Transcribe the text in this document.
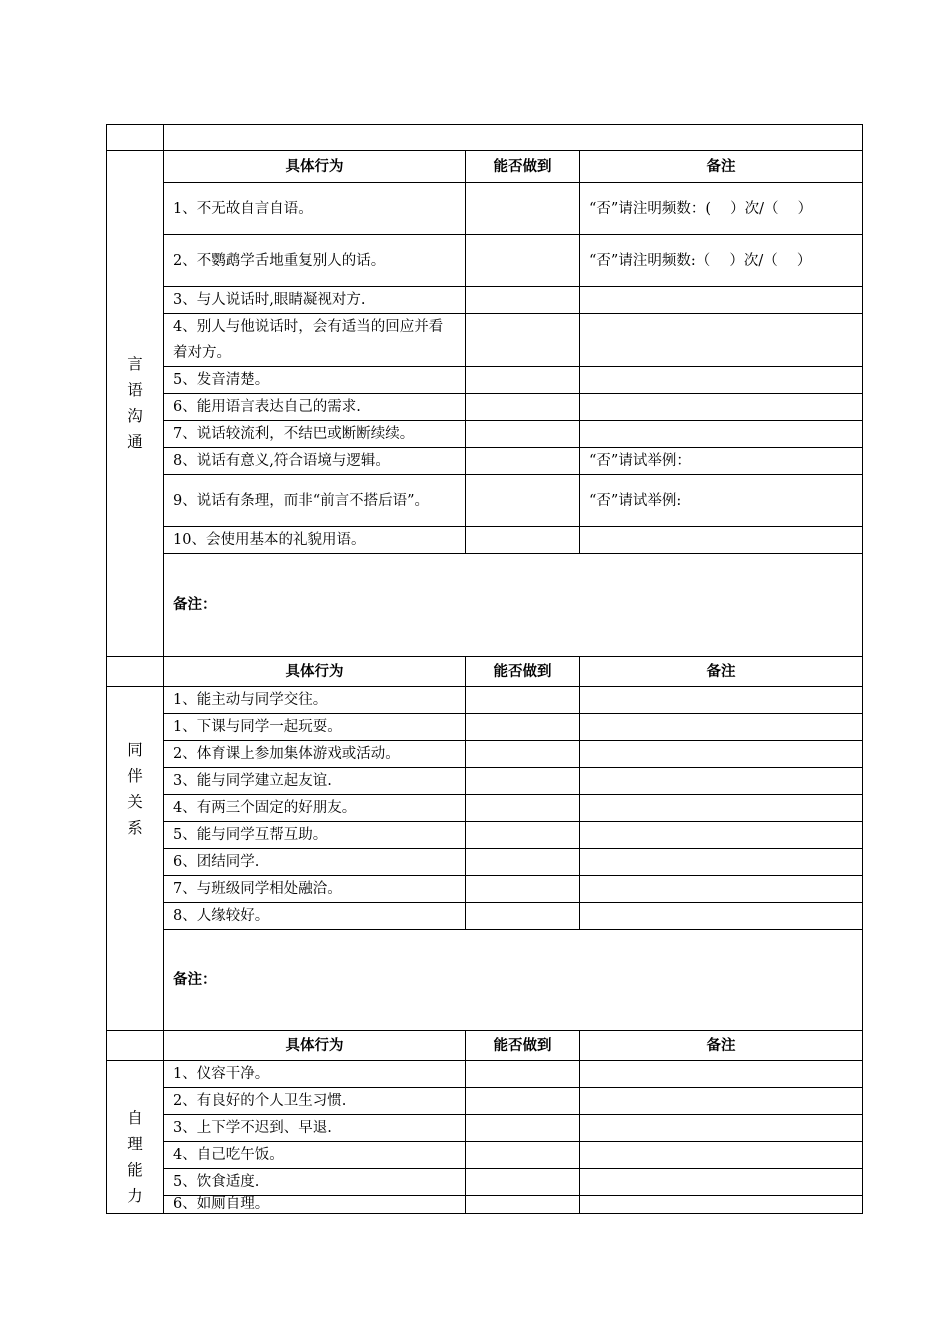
言
语
沟
通	具体行为	能否做到	备注
	1、不无故自言自语。		“否”请注明频数：(　 ）次/（　 ）
	2、不鹦鹉学舌地重复别人的话。		“否”请注明频数:（　 ）次/（　 ）
	3、与人说话时,眼睛凝视对方.		
	4、别人与他说话时，会有适当的回应并看着对方。		
	5、发音清楚。		
	6、能用语言表达自己的需求.		
	7、说话较流利，不结巴或断断续续。		
	8、说话有意义,符合语境与逻辑。		“否”请试举例：
	9、说话有条理，而非“前言不搭后语”。		“否”请试举例:
	10、会使用基本的礼貌用语。		
	备注：		
	具体行为	能否做到	备注
同
伴
关
系	1、能主动与同学交往。		
	1、下课与同学一起玩耍。		
	2、体育课上参加集体游戏或活动。		
	3、能与同学建立起友谊.		
	4、有两三个固定的好朋友。		
	5、能与同学互帮互助。		
	6、团结同学.		
	7、与班级同学相处融洽。		
	8、人缘较好。		
	备注：		
	具体行为	能否做到	备注
自
理
能
力	1、仪容干净。		
	2、有良好的个人卫生习惯.		
	3、上下学不迟到、早退.		
	4、自己吃午饭。		
	5、饮食适度.		
	6、如厕自理。		
